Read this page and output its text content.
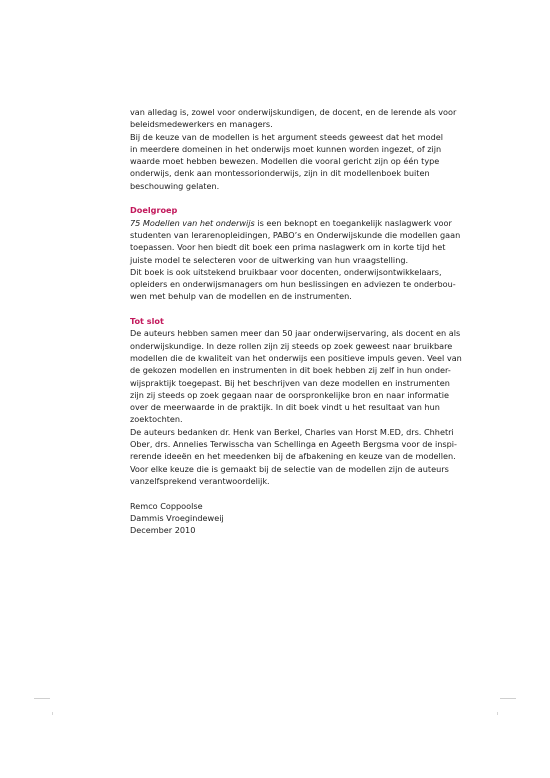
van alledag is, zowel voor onderwijskundigen, de docent, en de lerende als voor
beleidsmedewerkers en managers.
Bij de keuze van de modellen is het argument steeds geweest dat het model
in meerdere domeinen in het onderwijs moet kunnen worden ingezet, of zijn
waarde moet hebben bewezen. Modellen die vooral gericht zijn op één type
onderwijs, denk aan montessorionderwijs, zijn in dit modellenboek buiten
beschouwing gelaten.
Doelgroep
75 Modellen van het onderwijs is een beknopt en toegankelijk naslagwerk voor
studenten van lerarenopleidingen, PABO’s en Onderwijskunde die modellen gaan
toepassen. Voor hen biedt dit boek een prima naslagwerk om in korte tijd het
juiste model te selecteren voor de uitwerking van hun vraagstelling.
Dit boek is ook uitstekend bruikbaar voor docenten, onderwijsontwikkelaars,
opleiders en onderwijsmanagers om hun beslissingen en adviezen te onderbou-
wen met behulp van de modellen en de instrumenten.
Tot slot
De auteurs hebben samen meer dan 50 jaar onderwijservaring, als docent en als
onderwijskundige. In deze rollen zijn zij steeds op zoek geweest naar bruikbare
modellen die de kwaliteit van het onderwijs een positieve impuls geven. Veel van
de gekozen modellen en instrumenten in dit boek hebben zij zelf in hun onder-
wijspraktijk toegepast. Bij het beschrijven van deze modellen en instrumenten
zijn zij steeds op zoek gegaan naar de oorspronkelijke bron en naar informatie
over de meerwaarde in de praktijk. In dit boek vindt u het resultaat van hun
zoektochten.
De auteurs bedanken dr. Henk van Berkel, Charles van Horst M.ED, drs. Chhetri
Ober, drs. Annelies Terwisscha van Schellinga en Ageeth Bergsma voor de inspi-
rerende ideeën en het meedenken bij de afbakening en keuze van de modellen.
Voor elke keuze die is gemaakt bij de selectie van de modellen zijn de auteurs
vanzelfsprekend verantwoordelijk.
Remco Coppoolse
Dammis Vroegindeweij
December 2010
